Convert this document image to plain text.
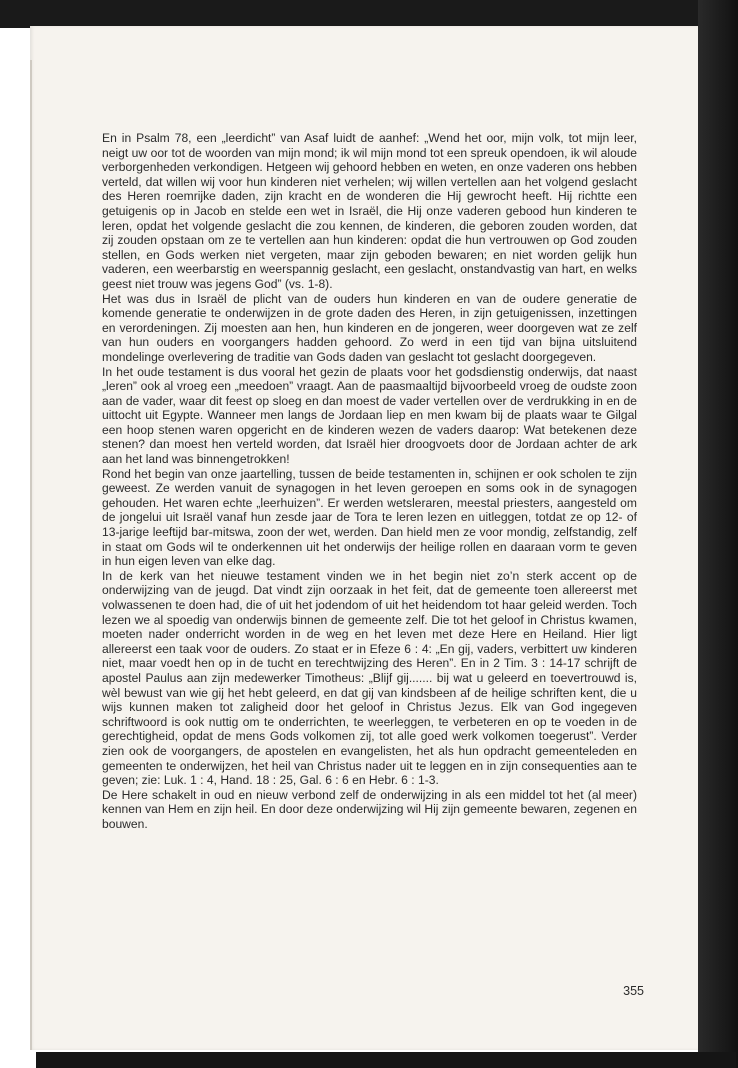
En in Psalm 78, een „leerdicht” van Asaf luidt de aanhef: „Wend het oor, mijn volk, tot mijn leer, neigt uw oor tot de woorden van mijn mond; ik wil mijn mond tot een spreuk opendoen, ik wil aloude verborgenheden verkondigen. Hetgeen wij gehoord hebben en weten, en onze vaderen ons hebben verteld, dat willen wij voor hun kinderen niet verhelen; wij willen vertellen aan het volgend geslacht des Heren roemrijke daden, zijn kracht en de wonderen die Hij gewrocht heeft. Hij richtte een getuigenis op in Jacob en stelde een wet in Israël, die Hij onze vaderen gebood hun kinderen te leren, opdat het volgende geslacht die zou kennen, de kinderen, die geboren zouden worden, dat zij zouden opstaan om ze te vertellen aan hun kinderen: opdat die hun vertrouwen op God zouden stellen, en Gods werken niet vergeten, maar zijn geboden bewaren; en niet worden gelijk hun vaderen, een weerbarstig en weerspannig geslacht, een geslacht, onstandvastig van hart, en welks geest niet trouw was jegens God” (vs. 1-8).

Het was dus in Israël de plicht van de ouders hun kinderen en van de oudere generatie de komende generatie te onderwijzen in de grote daden des Heren, in zijn getuigenissen, inzettingen en verordeningen. Zij moesten aan hen, hun kinderen en de jongeren, weer doorgeven wat ze zelf van hun ouders en voorgangers hadden gehoord. Zo werd in een tijd van bijna uitsluitend mondelinge overlevering de traditie van Gods daden van geslacht tot geslacht doorgegeven.

In het oude testament is dus vooral het gezin de plaats voor het godsdienstig onderwijs, dat naast „leren” ook al vroeg een „meedoen” vraagt. Aan de paasmaaltijd bijvoorbeeld vroeg de oudste zoon aan de vader, waar dit feest op sloeg en dan moest de vader vertellen over de verdrukking in en de uittocht uit Egypte. Wanneer men langs de Jordaan liep en men kwam bij de plaats waar te Gilgal een hoop stenen waren opgericht en de kinderen wezen de vaders daarop: Wat betekenen deze stenen? dan moest hen verteld worden, dat Israël hier droogvoets door de Jordaan achter de ark aan het land was binnengetrokken!

Rond het begin van onze jaartelling, tussen de beide testamenten in, schijnen er ook scholen te zijn geweest. Ze werden vanuit de synagogen in het leven geroepen en soms ook in de synagogen gehouden. Het waren echte „leerhuizen”. Er werden wetsleraren, meestal priesters, aangesteld om de jongelui uit Israël vanaf hun zesde jaar de Tora te leren lezen en uitleggen, totdat ze op 12- of 13-jarige leeftijd bar-mitswa, zoon der wet, werden. Dan hield men ze voor mondig, zelfstandig, zelf in staat om Gods wil te onderkennen uit het onderwijs der heilige rollen en daaraan vorm te geven in hun eigen leven van elke dag.

In de kerk van het nieuwe testament vinden we in het begin niet zo’n sterk accent op de onderwijzing van de jeugd. Dat vindt zijn oorzaak in het feit, dat de gemeente toen allereerst met volwassenen te doen had, die of uit het jodendom of uit het heidendom tot haar geleid werden. Toch lezen we al spoedig van onderwijs binnen de gemeente zelf. Die tot het geloof in Christus kwamen, moeten nader onderricht worden in de weg en het leven met deze Here en Heiland. Hier ligt allereerst een taak voor de ouders. Zo staat er in Efeze 6 : 4: „En gij, vaders, verbittert uw kinderen niet, maar voedt hen op in de tucht en terechtwijzing des Heren”. En in 2 Tim. 3 : 14-17 schrijft de apostel Paulus aan zijn medewerker Timotheus: „Blijf gij....... bij wat u geleerd en toevertrouwd is, wèl bewust van wie gij het hebt geleerd, en dat gij van kindsbeen af de heilige schriften kent, die u wijs kunnen maken tot zaligheid door het geloof in Christus Jezus. Elk van God ingegeven schriftwoord is ook nuttig om te onderrichten, te weerleggen, te verbeteren en op te voeden in de gerechtigheid, opdat de mens Gods volkomen zij, tot alle goed werk volkomen toegerust”. Verder zien ook de voorgangers, de apostelen en evangelisten, het als hun opdracht gemeenteleden en gemeenten te onderwijzen, het heil van Christus nader uit te leggen en in zijn consequenties aan te geven; zie: Luk. 1 : 4, Hand. 18 : 25, Gal. 6 : 6 en Hebr. 6 : 1-3.

De Here schakelt in oud en nieuw verbond zelf de onderwijzing in als een middel tot het (al meer) kennen van Hem en zijn heil. En door deze onderwijzing wil Hij zijn gemeente bewaren, zegenen en bouwen.

355
